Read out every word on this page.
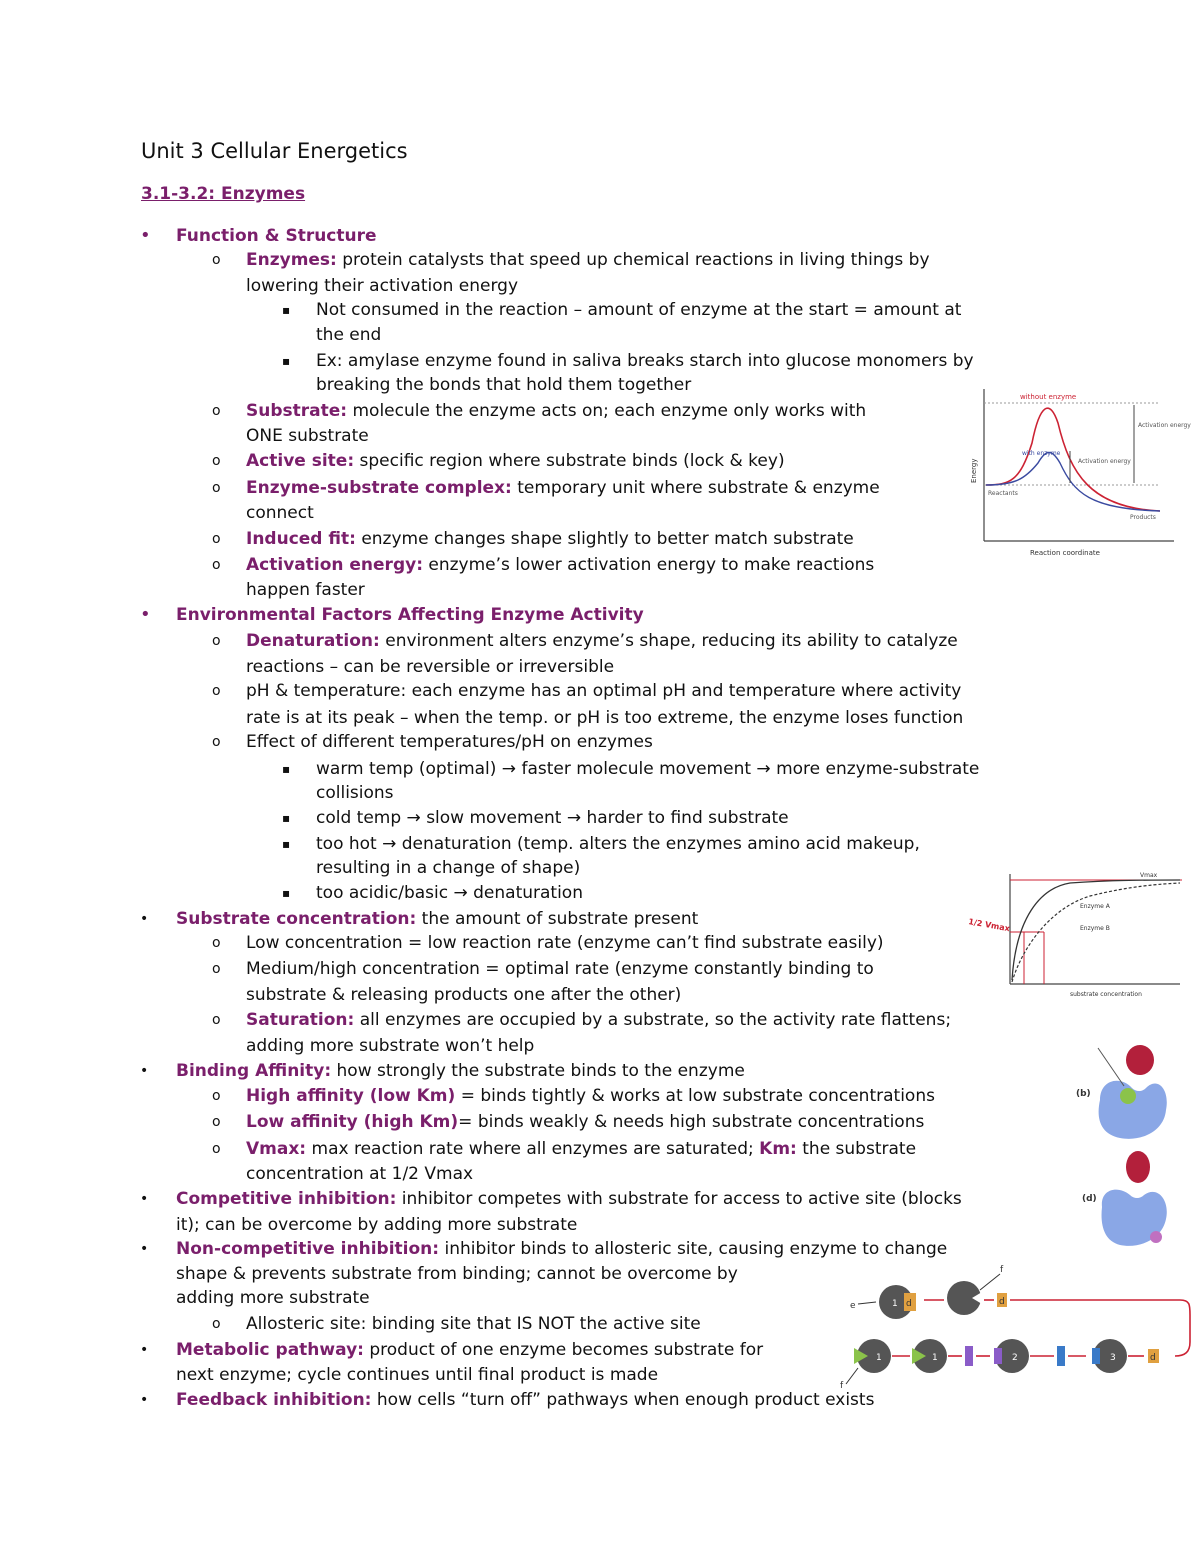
Unit 3 Cellular Energetics
3.1-3.2: Enzymes
Function & Structure
•
Enzymes: protein catalysts that speed up chemical reactions in living things by
o
lowering their activation energy
Not consumed in the reaction – amount of enzyme at the start = amount at
▪
the end
Ex: amylase enzyme found in saliva breaks starch into glucose monomers by
▪
breaking the bonds that hold them together
Substrate: molecule the enzyme acts on; each enzyme only works with
o
ONE substrate
Active site: specific region where substrate binds (lock & key)
o
Enzyme-substrate complex: temporary unit where substrate & enzyme
o
connect
Induced fit: enzyme changes shape slightly to better match substrate
o
Activation energy: enzyme’s lower activation energy to make reactions
o
happen faster
Environmental Factors Affecting Enzyme Activity
•
Denaturation: environment alters enzyme’s shape, reducing its ability to catalyze
o
reactions – can be reversible or irreversible
pH & temperature: each enzyme has an optimal pH and temperature where activity
o
rate is at its peak – when the temp. or pH is too extreme, the enzyme loses function
Effect of different temperatures/pH on enzymes
o
warm temp (optimal) → faster molecule movement → more enzyme-substrate
▪
collisions
cold temp → slow movement → harder to find substrate
▪
too hot → denaturation (temp. alters the enzymes amino acid makeup,
▪
resulting in a change of shape)
too acidic/basic → denaturation
▪
Substrate concentration: the amount of substrate present
•
Low concentration = low reaction rate (enzyme can’t find substrate easily)
o
Medium/high concentration = optimal rate (enzyme constantly binding to
o
substrate & releasing products one after the other)
Saturation: all enzymes are occupied by a substrate, so the activity rate flattens;
o
adding more substrate won’t help
Binding Affinity: how strongly the substrate binds to the enzyme
•
High affinity (low Km) = binds tightly & works at low substrate concentrations
o
Low affinity (high Km)= binds weakly & needs high substrate concentrations
o
Vmax: max reaction rate where all enzymes are saturated; Km: the substrate
o
concentration at 1/2 Vmax
Competitive inhibition: inhibitor competes with substrate for access to active site (blocks
•
it); can be overcome by adding more substrate
Non-competitive inhibition: inhibitor binds to allosteric site, causing enzyme to change
•
shape & prevents substrate from binding; cannot be overcome by
adding more substrate
Allosteric site: binding site that IS NOT the active site
o
Metabolic pathway: product of one enzyme becomes substrate for
•
next enzyme; cycle continues until final product is made
Feedback inhibition: how cells “turn off” pathways when enough product exists
•
without enzyme
with enzyme
Activation energy
Activation energy
Reactants
Products
Reaction coordinate
Energy
Vmax
1/2 Vmax
Enzyme A
Enzyme B
substrate concentration
(b)
(d)
1 d	d
e
f
1	1	2	3	d
f
